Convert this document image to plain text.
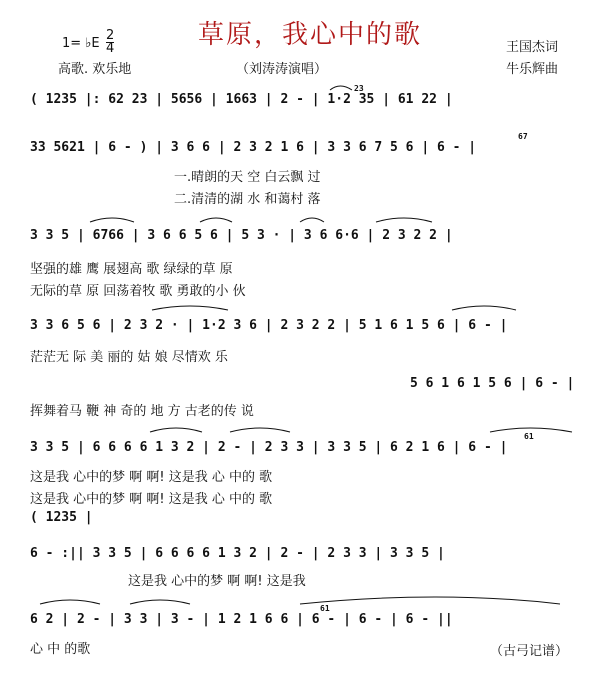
1= ♭E
2
4
高歌. 欢乐地
草原，我心中的歌
（刘涛涛演唱）
王国杰词
牛乐辉曲
23
( 1235 |: 62 23 | 5656 | 1663 | 2 - | 1·2 35 | 61 22 |
67
33 5621 | 6 - ) | 3 6 6 | 2 3 2 1 6 | 3 3 6 7 5 6 | 6 - |
一.晴朗的天 空 白云飘 过
二.清清的湖 水 和蔼村 落
3 3 5 | 6766 | 3 6 6 5 6 | 5 3 · | 3 6 6·6 | 2 3 2 2 |
坚强的雄 鹰 展翅高 歌 绿绿的草 原
无际的草 原 回荡着牧 歌 勇敢的小 伙
3 3 6 5 6 | 2 3 2 · | 1·2 3 6 | 2 3 2 2 | 5 1 6 1 5 6 | 6 - |
茫茫无 际 美 丽的 姑 娘 尽情欢 乐
5 6 1 6 1 5 6 | 6 - |
挥舞着马 鞭 神 奇的 地 方 古老的传 说
61
3 3 5 | 6 6 6 6 1 3 2 | 2 - | 2 3 3 | 3 3 5 | 6 2 1 6 | 6 - |
这是我 心中的梦 啊 啊! 这是我 心 中的 歌
这是我 心中的梦 啊 啊! 这是我 心 中的 歌
( 1235 |
6 - :|| 3 3 5 | 6 6 6 6 1 3 2 | 2 - | 2 3 3 | 3 3 5 |
这是我 心中的梦 啊 啊! 这是我
61
6 2 | 2 - | 3 3 | 3 - | 1 2 1 6 6 | 6 - | 6 - | 6 - ||
心 中 的歌	（古弓记谱）
